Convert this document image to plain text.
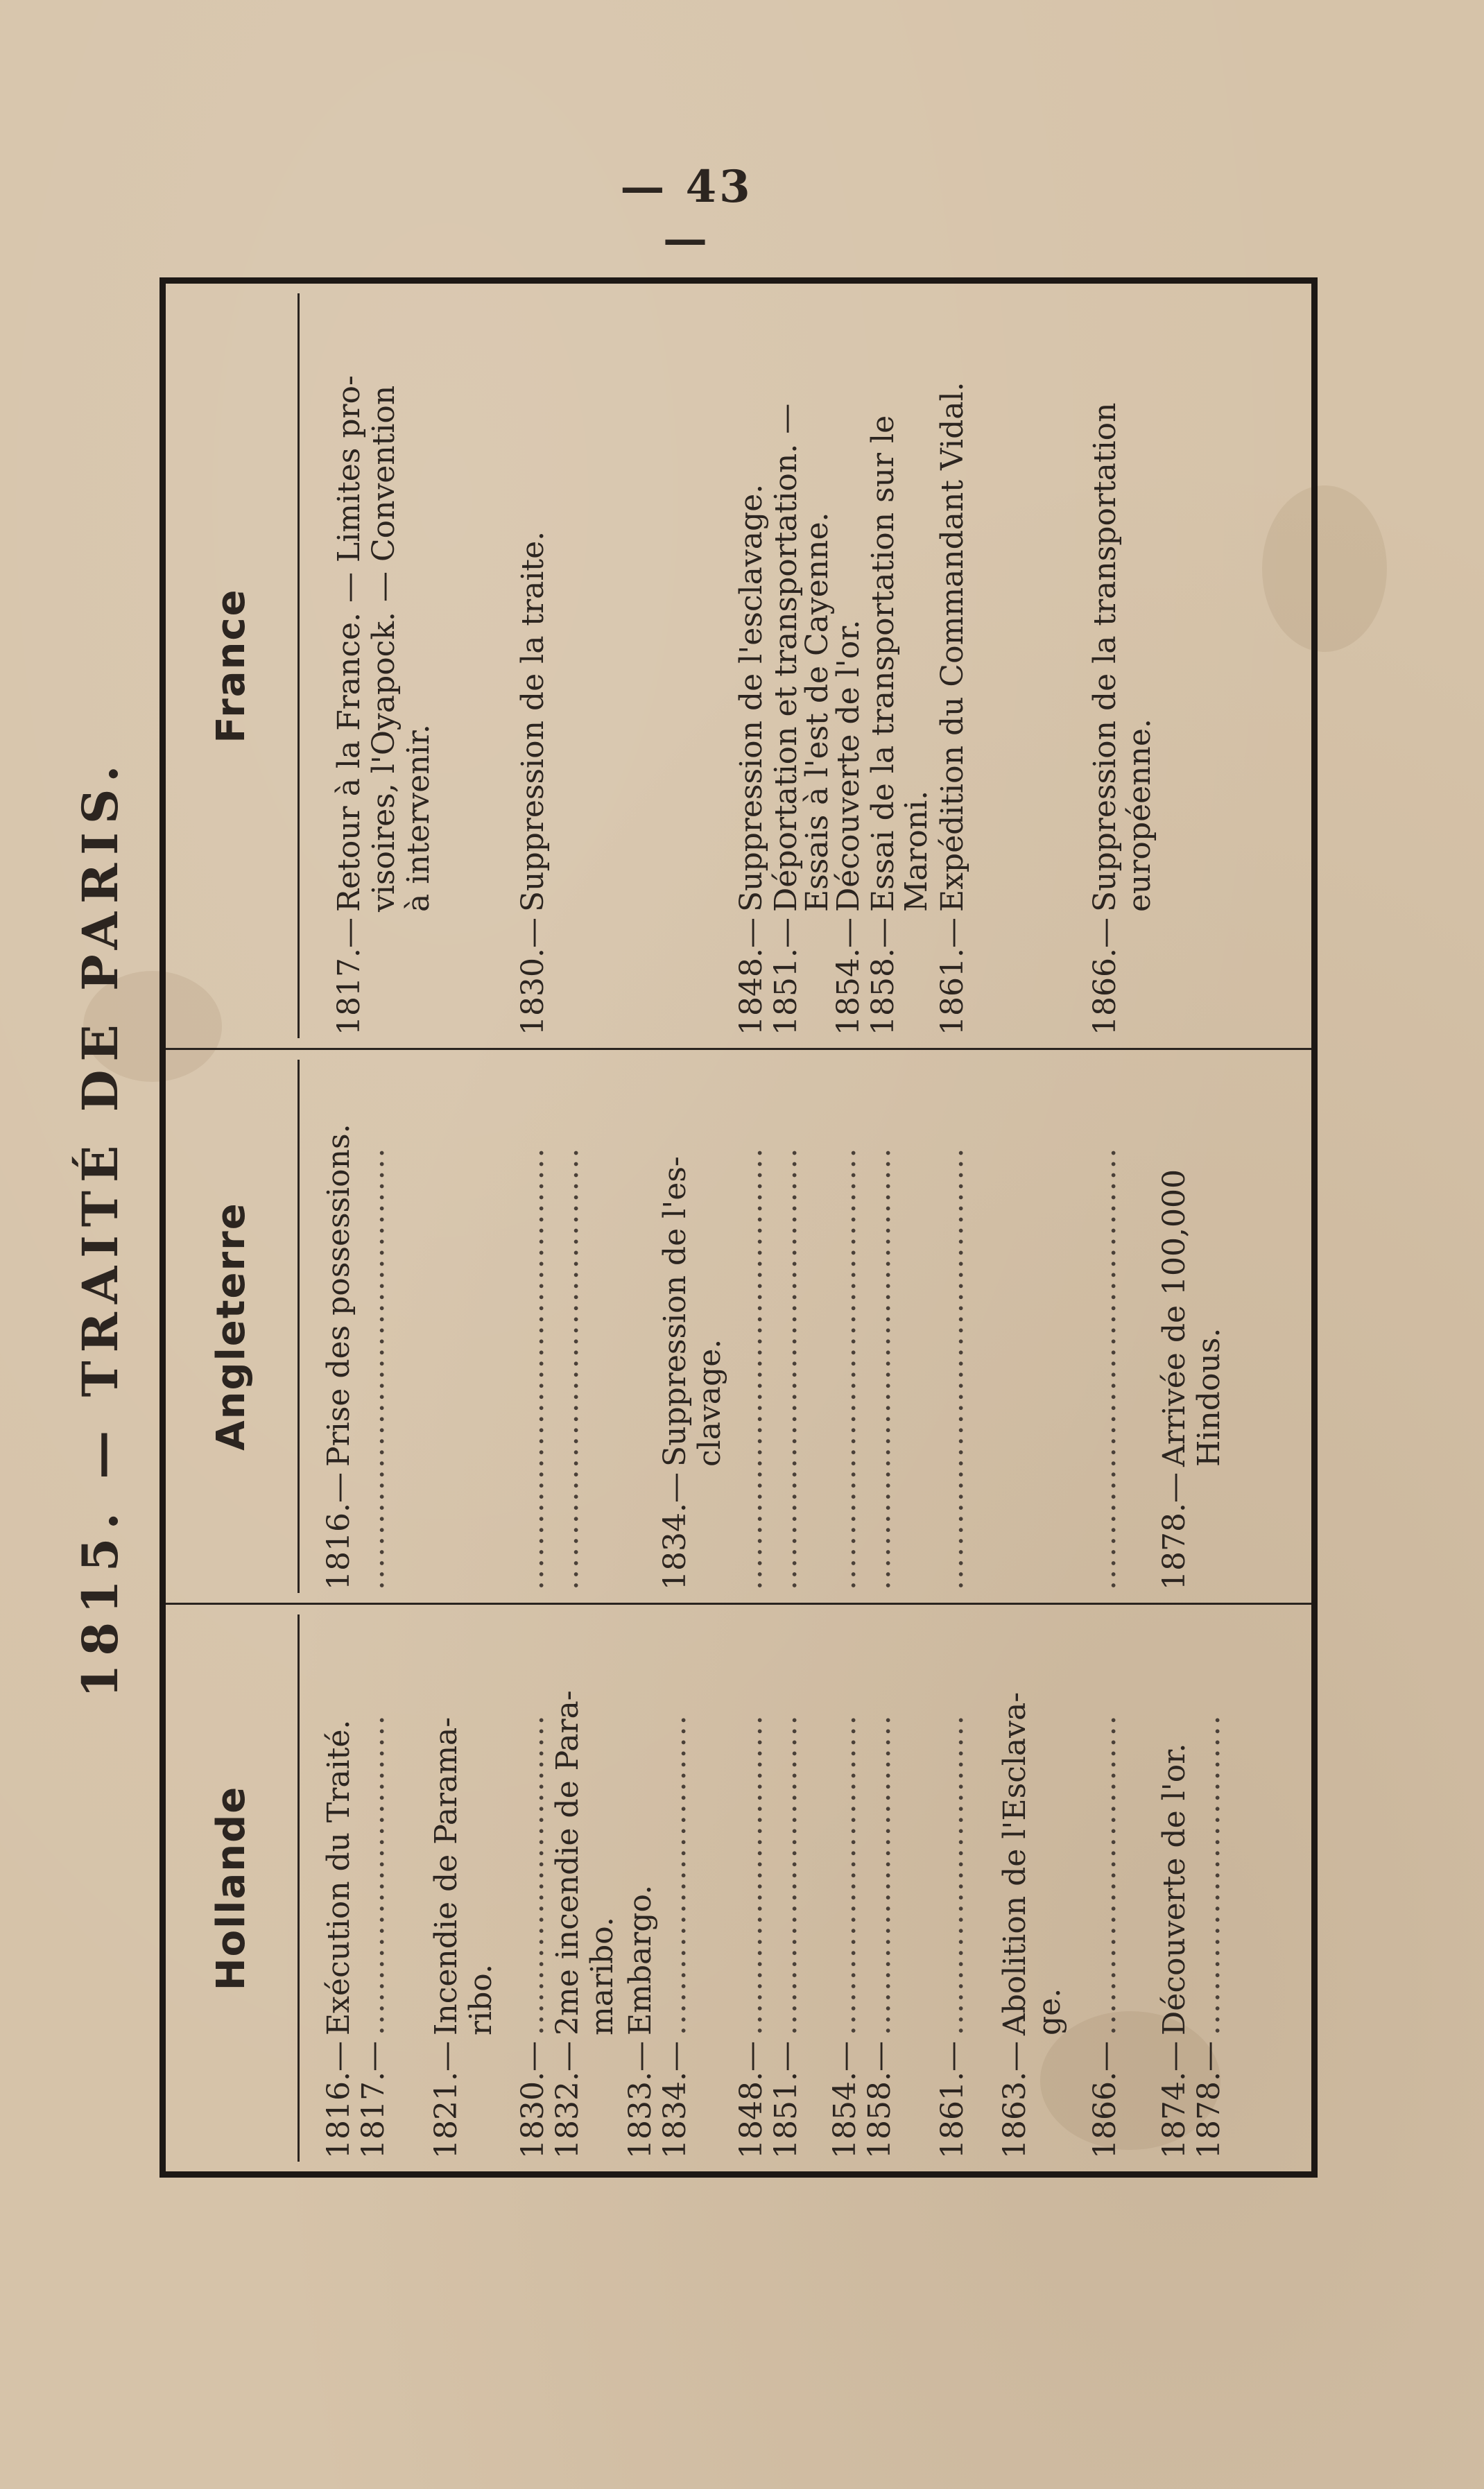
— 43 —
1815. — TRAITÉ DE PARIS.
Hollande
1816.—Exécution du Traité.
1817.—.............................
1821.—Incendie de Parama- ribo.
1830.—.............................
1832.—2me incendie de Para- maribo.
1833.—Embargo.
1834.—.............................
1848.—.............................
1851.—.............................
1854.—.............................
1858.—.............................
1861.—.............................
1863.—Abolition de l'Esclava- ge.
1866.—.............................
1874.—Découverte de l'or.
1878.—.............................
Angleterre
1816.—Prise des possessions. ........................................	........................................ ........................................ 1834.—Suppression de l'es- clavage. ........................................ ........................................ ........................................ ........................................ ........................................	........................................ 1878.—Arrivée de 100,000 Hindous.
France
1817.—Retour à la France. — Limites pro- visoires, l'Oyapock. — Convention à intervenir.
1830.—Suppression de la traite.
1848.—Suppression de l'esclavage.
1851.—Déportation et transportation. —
Essais à l'est de Cayenne.
1854.—Découverte de l'or.
1858.—Essai de la transportation sur le
Maroni.
1861.—Expédition du Commandant Vidal.
1866.—Suppression de la transportation européenne.
